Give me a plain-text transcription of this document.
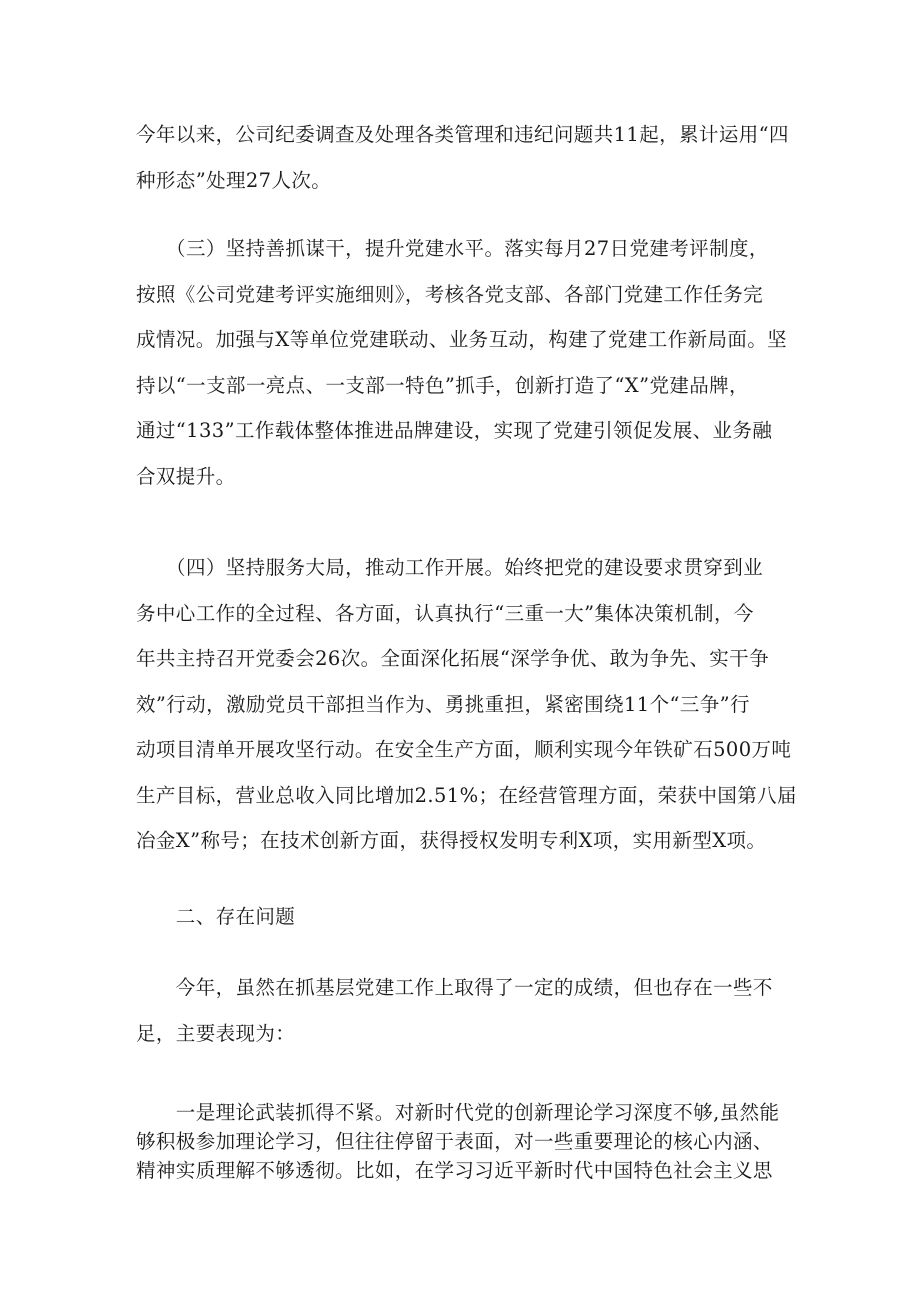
今年以来，公司纪委调查及处理各类管理和违纪问题共11起，累计运用“四
种形态”处理27人次。

　　（三）坚持善抓谋干，提升党建水平。落实每月27日党建考评制度，
按照《公司党建考评实施细则》，考核各党支部、各部门党建工作任务完
成情况。加强与X等单位党建联动、业务互动，构建了党建工作新局面。坚
持以“一支部一亮点、一支部一特色”抓手，创新打造了“X”党建品牌，
通过“133”工作载体整体推进品牌建设，实现了党建引领促发展、业务融
合双提升。

　　（四）坚持服务大局，推动工作开展。始终把党的建设要求贯穿到业
务中心工作的全过程、各方面，认真执行“三重一大”集体决策机制，今
年共主持召开党委会26次。全面深化拓展“深学争优、敢为争先、实干争
效”行动，激励党员干部担当作为、勇挑重担，紧密围绕11个“三争”行
动项目清单开展攻坚行动。在安全生产方面，顺利实现今年铁矿石500万吨
生产目标，营业总收入同比增加2.51%；在经营管理方面，荣获中国第八届
冶金X”称号；在技术创新方面，获得授权发明专利X项，实用新型X项。

　　二、存在问题

　　今年，虽然在抓基层党建工作上取得了一定的成绩，但也存在一些不
足，主要表现为：

　　一是理论武装抓得不紧。对新时代党的创新理论学习深度不够,虽然能
够积极参加理论学习，但往往停留于表面，对一些重要理论的核心内涵、
精神实质理解不够透彻。比如，在学习习近平新时代中国特色社会主义思
